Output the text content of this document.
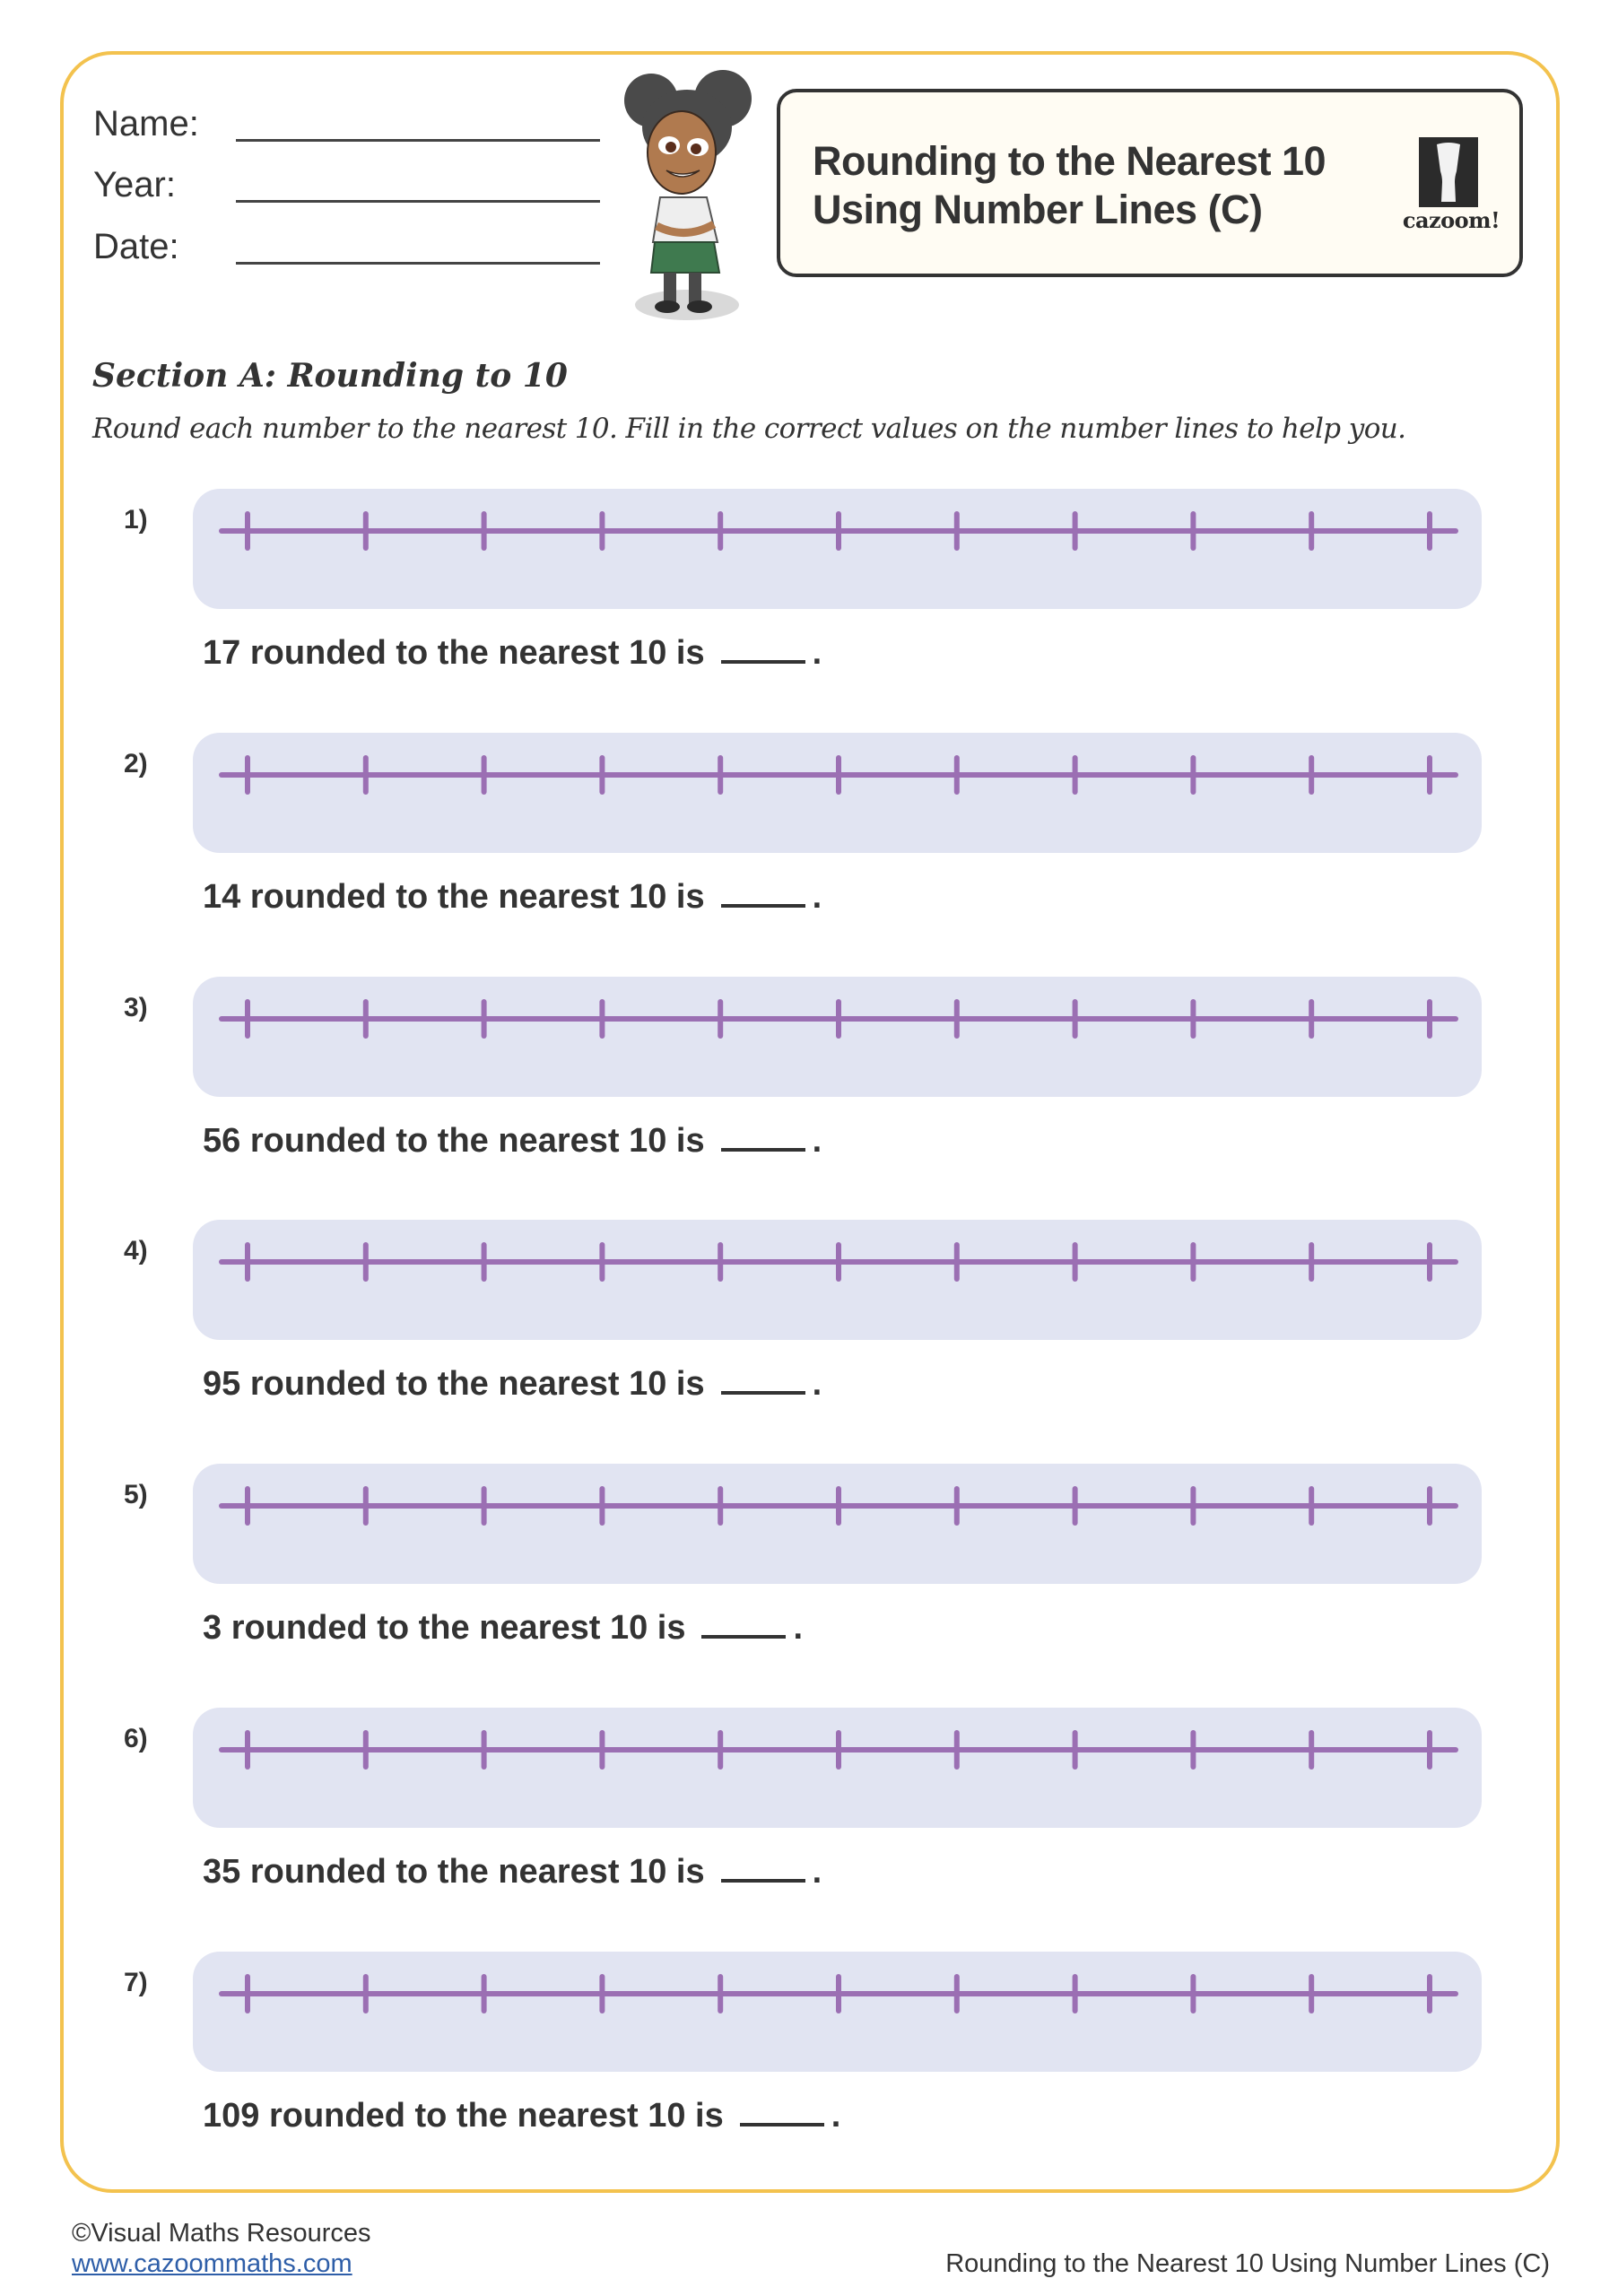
Name:
Year:
Date:
Rounding to the Nearest 10
Using Number Lines (C)	cazoom!
Section A: Rounding to 10
Round each number to the nearest 10. Fill in the correct values on the number lines to help you.
1)
17 rounded to the nearest 10 is	.
2)
14 rounded to the nearest 10 is	.
3)
56 rounded to the nearest 10 is	.
4)
95 rounded to the nearest 10 is	.
5)
3 rounded to the nearest 10 is	.
6)
35 rounded to the nearest 10 is	.
7)
109 rounded to the nearest 10 is	.
©Visual Maths Resources
www.cazoommaths.com	Rounding to the Nearest 10 Using Number Lines (C)
